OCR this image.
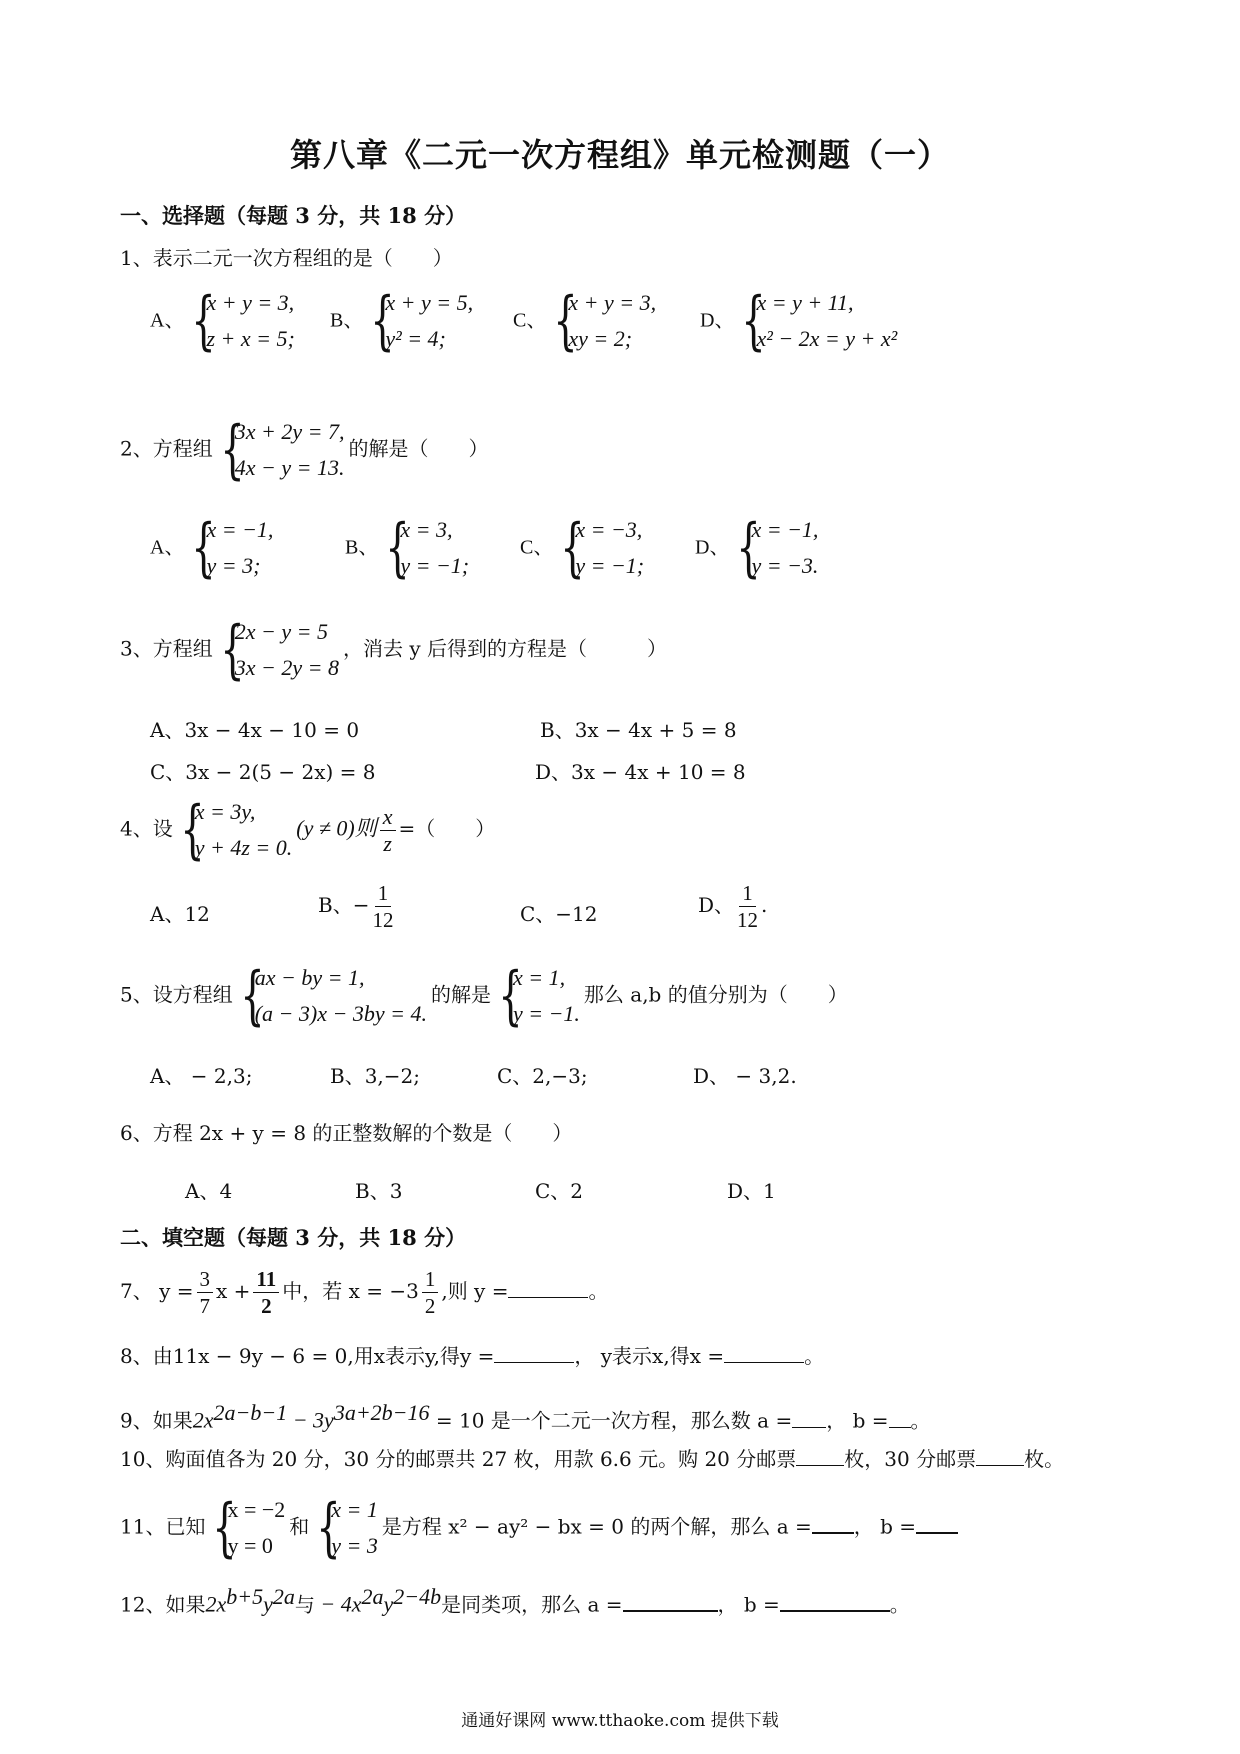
第八章《二元一次方程组》单元检测题（一）
一、选择题（每题 3 分，共 18 分）
1、表示二元一次方程组的是（　　）
A、 {
x + y = 3,
z + x = 5;
B、 {
x + y = 5,
y² = 4;
C、 {
x + y = 3,
xy = 2;
D、 {
x = y + 11,
x² − 2x = y + x²
2、方程组 {
3x + 2y = 7,
4x − y = 13.
的解是（　　）
A、 {
x = −1,
y = 3;
B、 {
x = 3,
y = −1;
C、 {
x = −3,
y = −1;
D、 {
x = −1,
y = −3.
3、方程组 {
2x − y = 5
3x − 2y = 8
，消去 y 后得到的方程是（　　　）
A、3x − 4x − 10 = 0	B、3x − 4x + 5 = 8
C、3x − 2(5 − 2x) = 8	D、3x − 4x + 10 = 8
4、设 {
x = 3y,
y + 4z = 0.
(y ≠ 0)则 $\frac{x}{z}$ =（　　）
A、12	B、− $\frac{1}{12}$	C、−12	D、 $\frac{1}{12}$ .
5、设方程组 {
ax − by = 1,
(a − 3)x − 3by = 4.
的解是 {
x = 1,
y = −1.
那么 a,b 的值分别为（　　）
A、 − 2,3;	B、3,−2;	C、2,−3;	D、 − 3,2.
6、方程 2x + y = 8 的正整数解的个数是（　　）
A、4	B、3	C、2	D、1
二、填空题（每题 3 分，共 18 分）
7、 $y = \frac{3}{7}$ $x + \frac{11}{2}$ 中，若 $x = -3 \frac{1}{2}$ ,则 y =	。
8、由11x − 9y − 6 = 0,用x表示y,得y =	， y表示x,得x =	。
9、如果$2x^{2a-b-1} - 3y^{3a+2b-16} = 10$ 是一个二元一次方程，那么数 a = ， b = 。
10、购面值各为 20 分，30 分的邮票共 27 枚，用款 6.6 元。购 20 分邮票 枚，30 分邮票 枚。
11、已知 {
x = −2
y = 0
和 {
x = 1
y = 3
是方程 x² − ay² − bx = 0 的两个解，那么 a = ， b =
12、如果$2x^{b+5}y^{2a}$与 − $4x^{2a}y^{2-4b}$是同类项，那么 a =	， b =	。
通通好课网 www.tthaoke.com 提供下载
